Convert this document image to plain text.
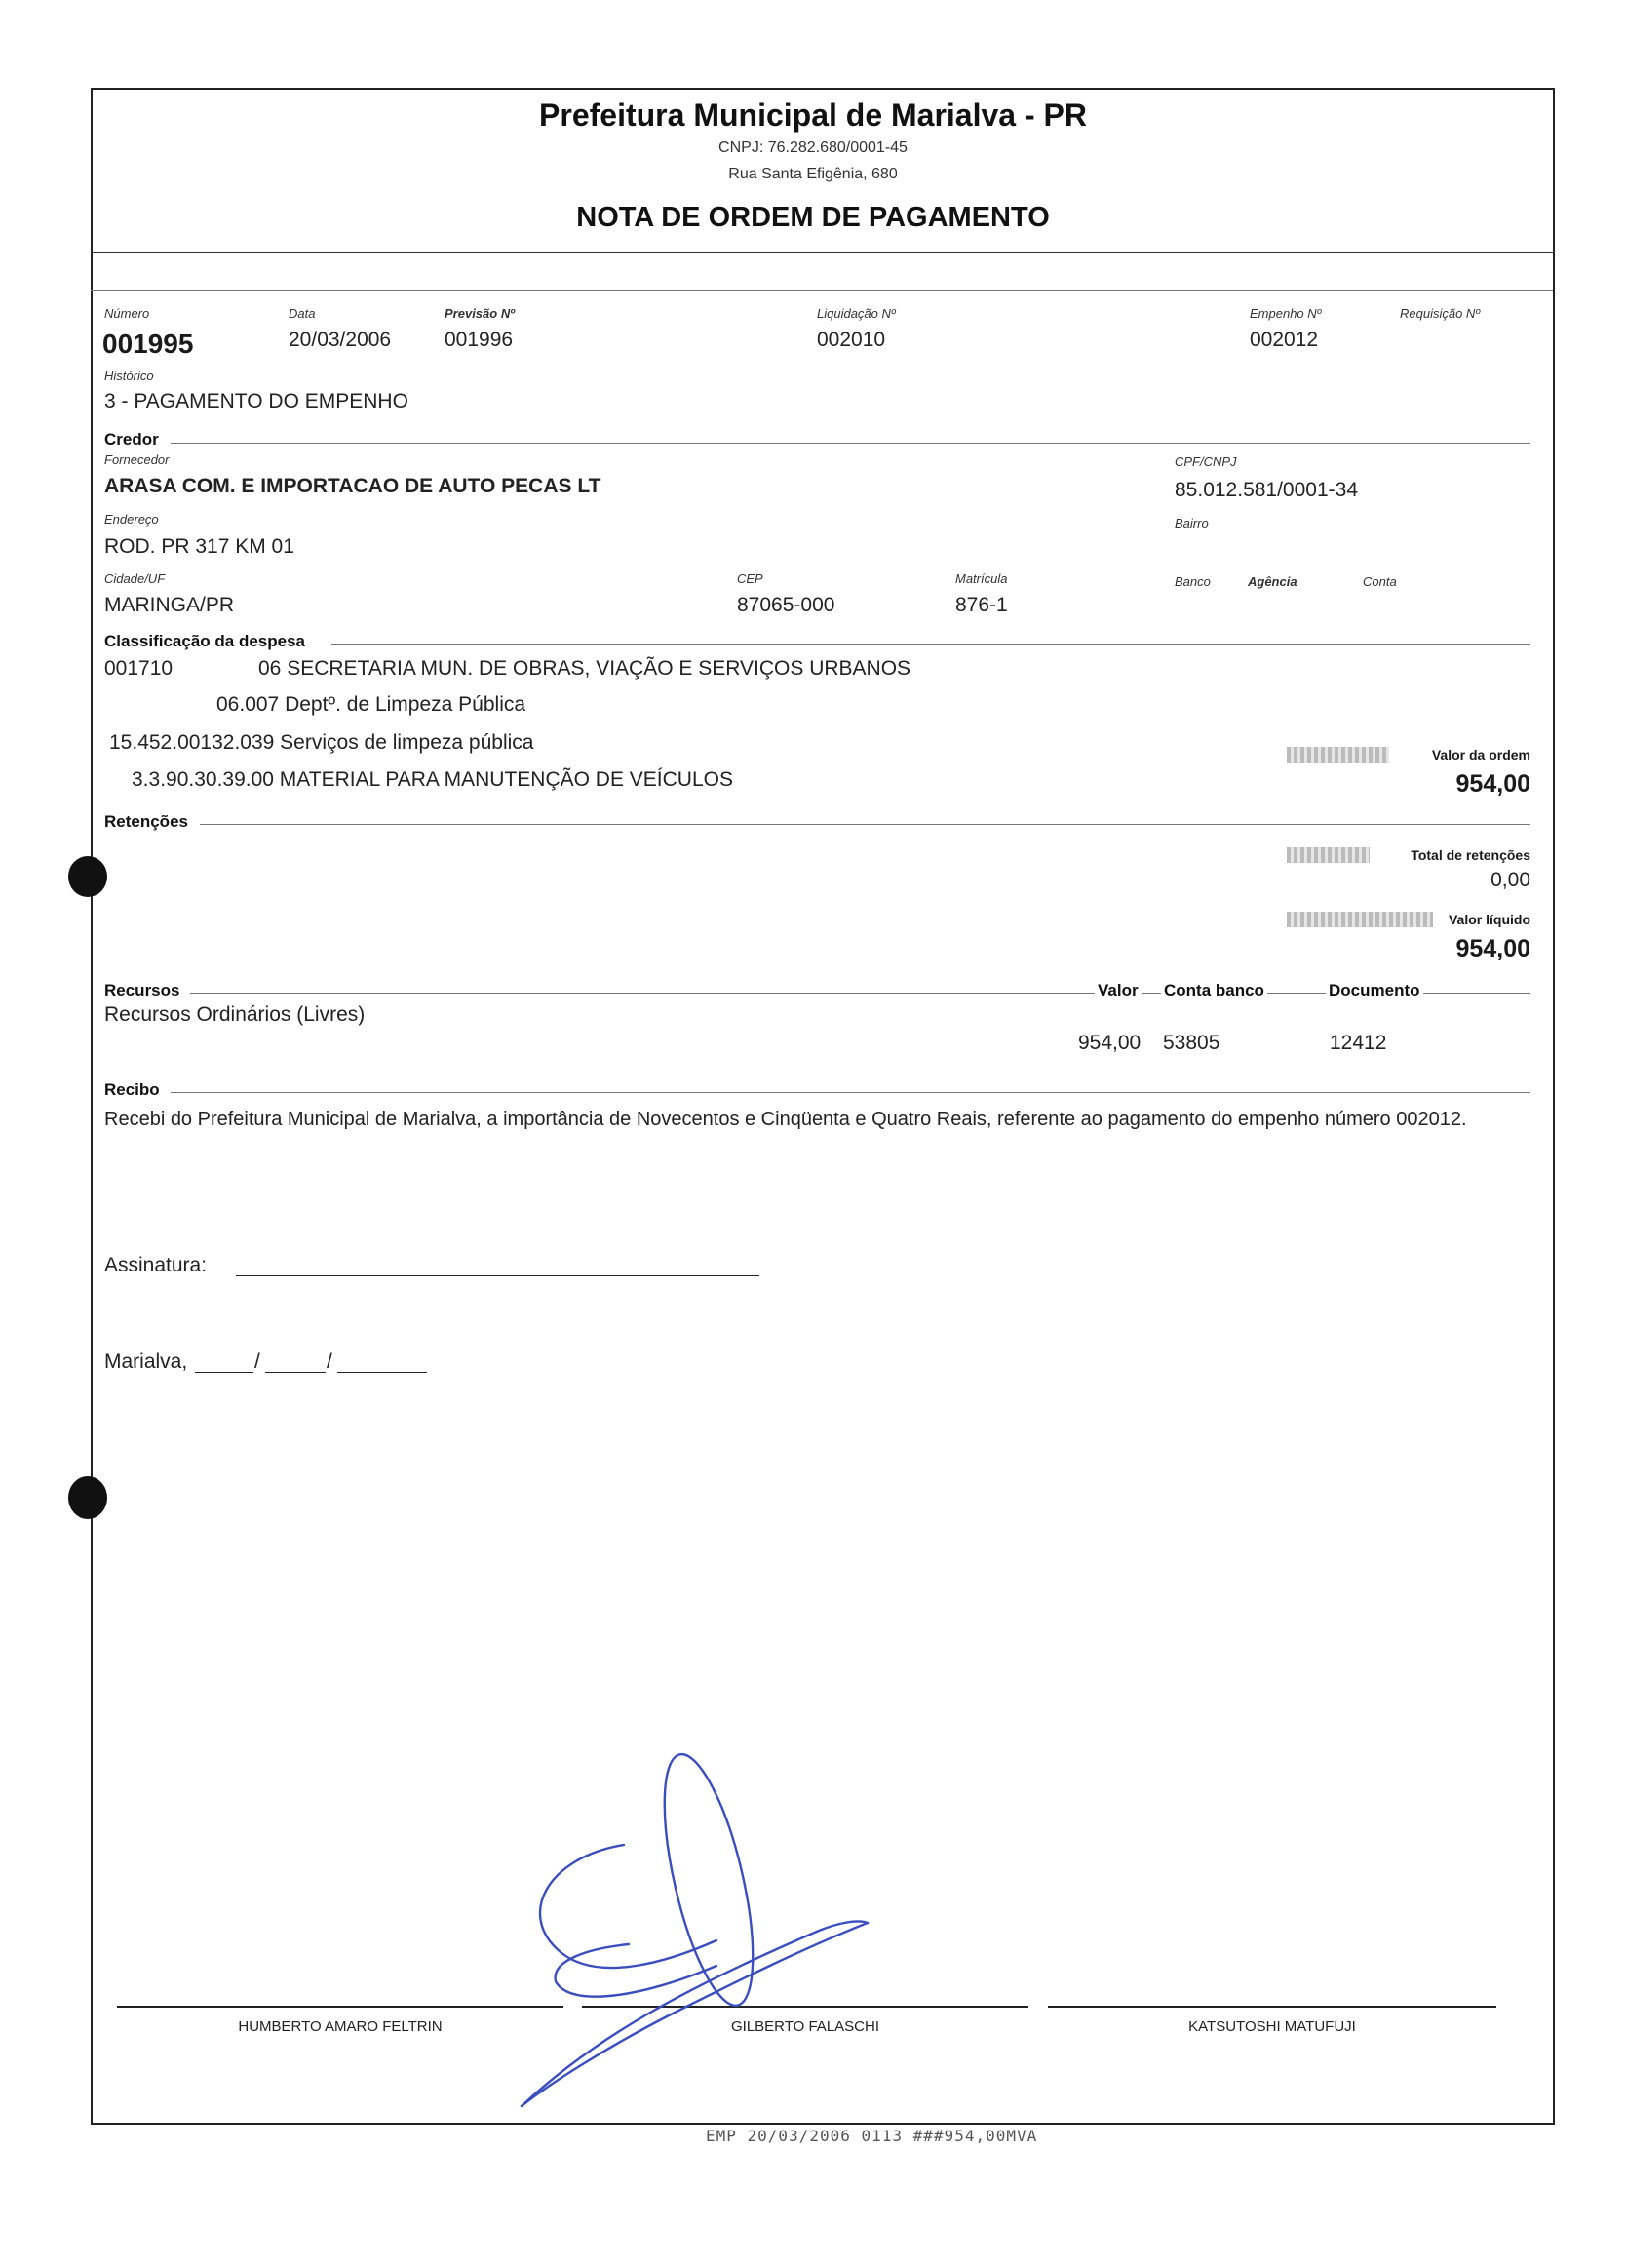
Prefeitura Municipal de Marialva - PR
CNPJ: 76.282.680/0001-45
Rua Santa Efigênia, 680
NOTA DE ORDEM DE PAGAMENTO
Número
001995
Data
20/03/2006
Previsão Nº
001996
Liquidação Nº
002010
Empenho Nº
002012
Requisição Nº
Histórico
3 - PAGAMENTO DO EMPENHO
Credor
Fornecedor
ARASA COM. E IMPORTACAO DE AUTO PECAS LT
CPF/CNPJ
85.012.581/0001-34
Endereço
ROD. PR 317 KM 01
Bairro
Cidade/UF
MARINGA/PR
CEP
87065-000
Matrícula
876-1
Banco	Agência	Conta
Classificação da despesa
001710	06 SECRETARIA MUN. DE OBRAS, VIAÇÃO E SERVIÇOS URBANOS
06.007 Deptº. de Limpeza Pública
15.452.00132.039 Serviços de limpeza pública
3.3.90.30.39.00 MATERIAL PARA MANUTENÇÃO DE VEÍCULOS
Valor da ordem
954,00
Retenções
Total de retenções
0,00
Valor líquido
954,00
Recursos	Valor Conta banco	Documento
Recursos Ordinários (Livres)
954,00 53805	12412
Recibo
Recebi do Prefeitura Municipal de Marialva, a importância de Novecentos e Cinqüenta e Quatro Reais, referente ao pagamento do empenho número 002012.
Assinatura:
Marialva,	/	/
HUMBERTO AMARO FELTRIN	GILBERTO FALASCHI	KATSUTOSHI MATUFUJI
EMP 20/03/2006 0113 ###954,00MVA
